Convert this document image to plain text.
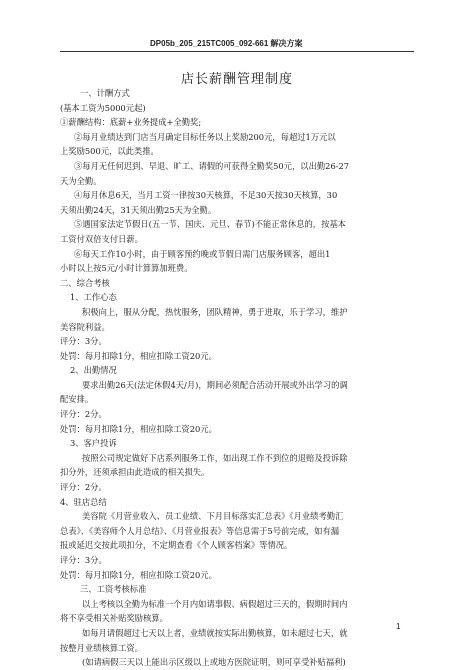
DP05b_205_215TC005_092-661 解决方案
店长薪酬管理制度
一、计酬方式
(基本工资为5000元起)
①薪酬结构：底薪+业务提成+全勤奖;
②每月业绩达到门店当月确定目标任务以上奖励200元，每超过1万元以
上奖励500元，以此类推。
③每月无任何迟到、早退、旷工、请假的可获得全勤奖50元，以出勤26-27
天为全勤。
④每月休息6天，当月工资一律按30天核算，不足30天按30天核算，30
天须出勤24天，31天须出勤25天为全勤。
⑤遇国家法定节假日(五一节、国庆、元旦、春节)不能正常休息的，按基本
工资付双倍支付日薪。
⑥每天工作10小时，由于顾客预约晚或节假日需门店服务顾客，超出1
小时以上按5元/小时计算算加班费。
二、综合考核
1、工作心态
积极向上，服从分配，热忱服务，团队精神，勇于进取，乐于学习，维护
美容院利益。
评分：3分。
处罚：每月扣除1分，相应扣除工资20元。
2、出勤情况
要求出勤26天(法定休假4天/月)，期间必须配合活动开展或外出学习的调
配安排。
评分：2分。
处罚：每月扣除1分，相应扣除工资20元。
3、客户投诉
按照公司规定做好下店系列服务工作，如出现工作不到位的退赔及投诉除
扣分外，还须承担由此造成的相关损失。
评分：2分。
4、驻店总结
美容院《月营业收入、员工业绩、下月目标落实汇总表》《月业绩考勤汇
总表》、《美容师个人月总结》、《月营业报表》等信息需于5号前完成，如有漏
报或延迟交按此项扣分，不定期查看《个人顾客档案》等情况。
评分：3分。
处罚：每月扣除1分，相应扣除工资20元。
三、工资考核标准
以上考核以全勤为标准一个月内如请事假、病假超过三天的，假期时间内
将不享受相关补贴奖励核算。
如每月请假超过七天以上者，业绩就按实际出勤核算，如未超过七天，就
按整月业绩核算工资。
(如请病假三天以上能出示区级以上或地方医院证明，则可享受补贴福利)
1
